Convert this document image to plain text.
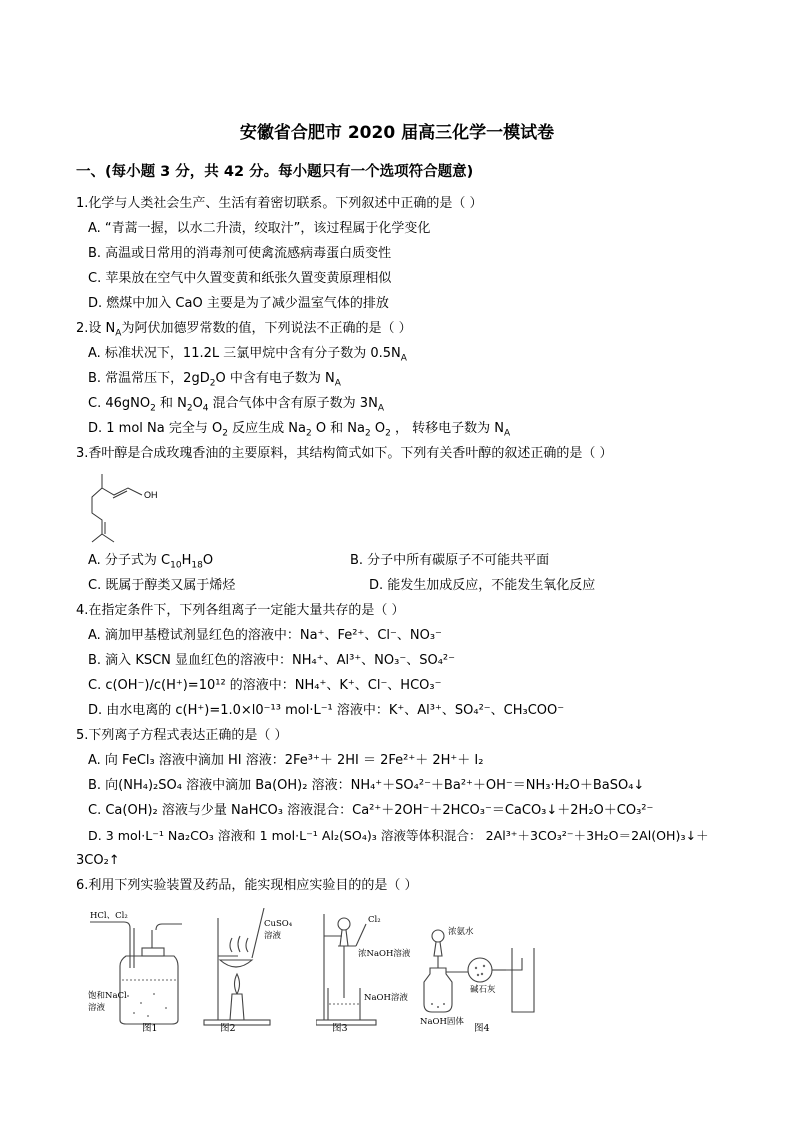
安徽省合肥市 2020 届高三化学一模试卷
一、(每小题 3 分，共 42 分。每小题只有一个选项符合题意)
1.化学与人类社会生产、生活有着密切联系。下列叙述中正确的是（ ）
A. “青蒿一握，以水二升渍，绞取汁”，该过程属于化学变化
B. 高温或日常用的消毒剂可使禽流感病毒蛋白质变性
C. 苹果放在空气中久置变黄和纸张久置变黄原理相似
D. 燃煤中加入 CaO 主要是为了减少温室气体的排放
2.设 $N_A$为阿伏加德罗常数的值，下列说法不正确的是（ ）
A. 标准状况下，11.2L 三氯甲烷中含有分子数为 $0.5N_A$
B. 常温常压下，$2gD_2O$ 中含有电子数为 $N_A$
C. 46gNO$_2$ 和 $N_2O_4$ 混合气体中含有原子数为 $3N_A$
D. 1 mol Na 完全与 $O_2$ 反应生成 $Na_2$ O 和 $Na_2$ $O_2$ ， 转移电子数为 $N_A$
3.香叶醇是合成玫瑰香油的主要原料，其结构简式如下。下列有关香叶醇的叙述正确的是（ ）
OH
A. 分子式为 $C_{10}H_{18}O$	B. 分子中所有碳原子不可能共平面
C. 既属于醇类又属于烯烃	D. 能发生加成反应，不能发生氧化反应
4.在指定条件下，下列各组离子一定能大量共存的是（ ）
A. 滴加甲基橙试剂显红色的溶液中：Na⁺、Fe²⁺、Cl⁻、NO₃⁻
B. 滴入 KSCN 显血红色的溶液中：NH₄⁺、Al³⁺、NO₃⁻、SO₄²⁻
C. c(OH⁻)/c(H⁺)=10¹² 的溶液中：NH₄⁺、K⁺、Cl⁻、HCO₃⁻
D. 由水电离的 c(H⁺)=1.0×l0⁻¹³ mol·L⁻¹ 溶液中：K⁺、Al³⁺、SO₄²⁻、CH₃COO⁻
5.下列离子方程式表达正确的是（ ）
A. 向 FeCl₃ 溶液中滴加 HI 溶液：2Fe³⁺＋ 2HI ＝ 2Fe²⁺＋ 2H⁺＋ I₂
B. 向(NH₄)₂SO₄ 溶液中滴加 Ba(OH)₂ 溶液：NH₄⁺＋SO₄²⁻＋Ba²⁺＋OH⁻＝NH₃·H₂O＋BaSO₄↓
C. Ca(OH)₂ 溶液与少量 NaHCO₃ 溶液混合：Ca²⁺＋2OH⁻＋2HCO₃⁻＝CaCO₃↓＋2H₂O＋CO₃²⁻
D. 3 mol·L⁻¹ Na₂CO₃ 溶液和 1 mol·L⁻¹ Al₂(SO₄)₃ 溶液等体积混合： 2Al³⁺＋3CO₃²⁻＋3H₂O＝2Al(OH)₃↓＋
3CO₂↑
6.利用下列实验装置及药品，能实现相应实验目的的是（ ）
HCl、Cl₂
饱和NaCl
溶液
图1
CuSO₄
溶液
图2
Cl₂
浓NaOH溶液
NaOH溶液
图3
浓氨水
碱石灰
NaOH固体
图4
